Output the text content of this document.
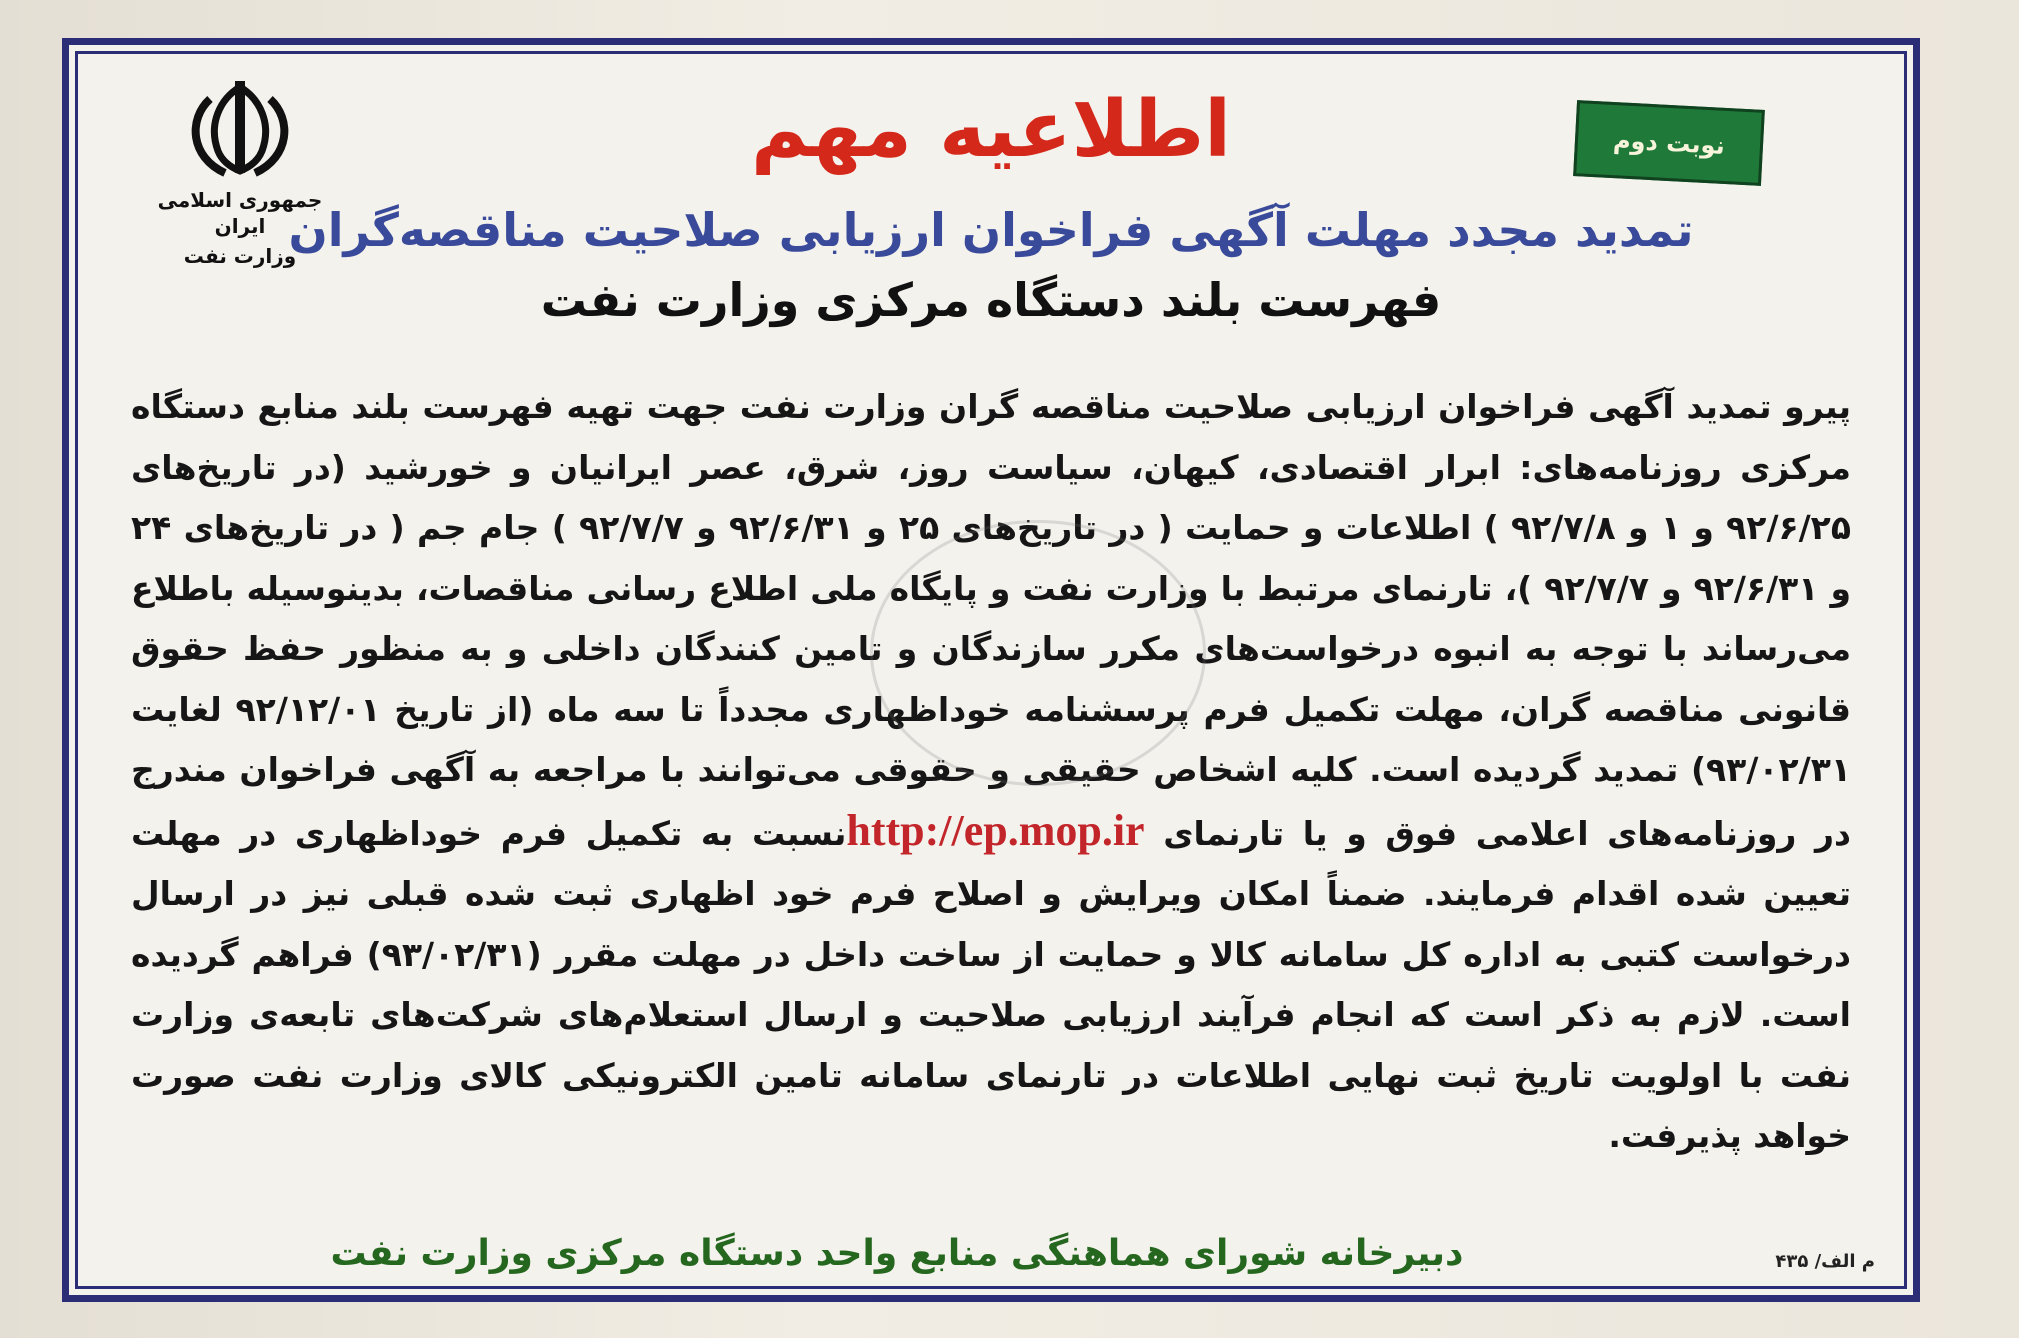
نوبت دوم
اطلاعیه مهم
جمهوری اسلامی ایران
وزارت نفت
تمدید مجدد مهلت آگهی فراخوان ارزیابی صلاحیت مناقصه‌گران
فهرست بلند دستگاه مرکزی وزارت نفت
پیرو تمدید آگهی فراخوان ارزیابی صلاحیت مناقصه گران وزارت نفت جهت تهیه فهرست بلند منابع دستگاه مرکزی روزنامه‌های: ابرار اقتصادی، کیهان، سیاست روز، شرق، عصر ایرانیان و خورشید (در تاریخ‌های ۹۲/۶/۲۵ و ۱ و ۹۲/۷/۸ ) اطلاعات و حمایت ( در تاریخ‌های ۲۵ و ۹۲/۶/۳۱ و ۹۲/۷/۷ ) جام جم ( در تاریخ‌های ۲۴ و ۹۲/۶/۳۱ و ۹۲/۷/۷ )، تارنمای مرتبط با وزارت نفت و پایگاه ملی اطلاع رسانی مناقصات، بدینوسیله باطلاع می‌رساند با توجه به انبوه درخواست‌های مکرر سازندگان و تامین کنندگان داخلی و به منظور حفظ حقوق قانونی مناقصه گران، مهلت تکمیل فرم پرسشنامه خوداظهاری مجدداً تا سه ماه (از تاریخ ۹۲/۱۲/۰۱ لغایت ۹۳/۰۲/۳۱) تمدید گردیده است. کلیه اشخاص حقیقی و حقوقی می‌توانند با مراجعه به آگهی فراخوان مندرج در روزنامه‌های اعلامی فوق و یا تارنمای http://ep.mop.irنسبت به تکمیل فرم خوداظهاری در مهلت تعیین شده اقدام فرمایند. ضمناً امکان ویرایش و اصلاح فرم خود اظهاری ثبت شده قبلی نیز در ارسال درخواست کتبی به اداره کل سامانه کالا و حمایت از ساخت داخل در مهلت مقرر (۹۳/۰۲/۳۱) فراهم گردیده است. لازم به ذکر است که انجام فرآیند ارزیابی صلاحیت و ارسال استعلام‌های شرکت‌های تابعه‌ی وزارت نفت با اولویت تاریخ ثبت نهایی اطلاعات در تارنمای سامانه تامین الکترونیکی کالای وزارت نفت صورت خواهد پذیرفت.
دبیرخانه شورای هماهنگی منابع واحد دستگاه مرکزی وزارت نفت	م الف/ ۴۳۵
